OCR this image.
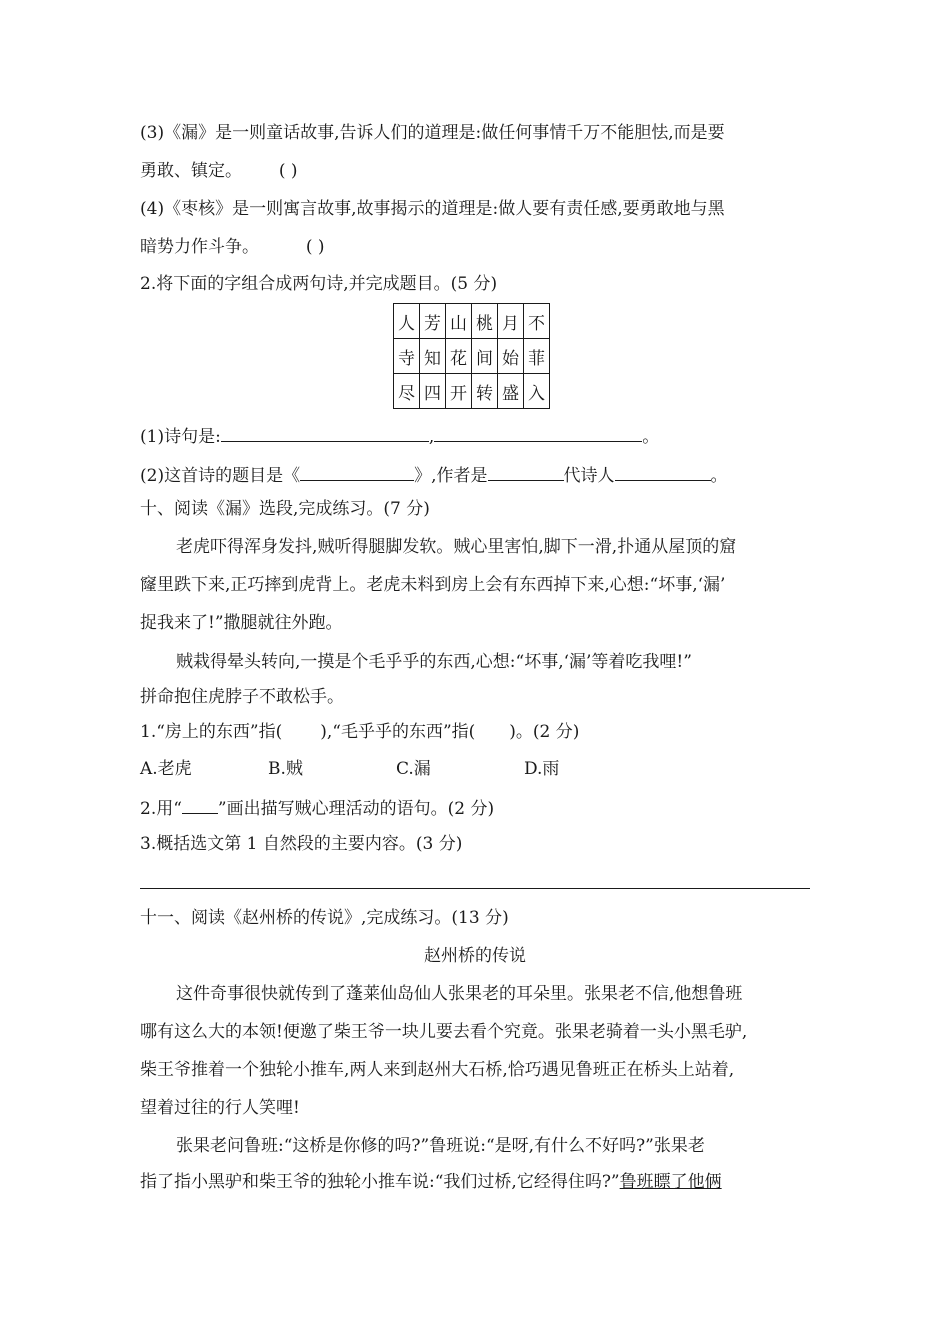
(3)《漏》是一则童话故事,告诉人们的道理是:做任何事情千万不能胆怯,而是要
勇敢、镇定。 ( )
(4)《枣核》是一则寓言故事,故事揭示的道理是:做人要有责任感,要勇敢地与黑
暗势力作斗争。	( )
2.将下面的字组合成两句诗,并完成题目。(5 分)
人	芳	山	桃	月	不
寺	知	花	间	始	菲
尽	四	开	转	盛	入
(1)诗句是:	,	。
(2)这首诗的题目是《	》,作者是	代诗人	。
十、阅读《漏》选段,完成练习。(7 分)
老虎吓得浑身发抖,贼听得腿脚发软。贼心里害怕,脚下一滑,扑通从屋顶的窟
窿里跌下来,正巧摔到虎背上。老虎未料到房上会有东西掉下来,心想:“坏事,‘漏’
捉我来了!”撒腿就往外跑。
贼栽得晕头转向,一摸是个毛乎乎的东西,心想:“坏事,‘漏’等着吃我哩!”
拼命抱住虎脖子不敢松手。
1.“房上的东西”指( ),“毛乎乎的东西”指( )。(2 分)
A.老虎	B.贼	C.漏	D.雨
2.用“ ”画出描写贼心理活动的语句。(2 分)
3.概括选文第 1 自然段的主要内容。(3 分)
十一、阅读《赵州桥的传说》,完成练习。(13 分)
赵州桥的传说
这件奇事很快就传到了蓬莱仙岛仙人张果老的耳朵里。张果老不信,他想鲁班
哪有这么大的本领!便邀了柴王爷一块儿要去看个究竟。张果老骑着一头小黑毛驴,
柴王爷推着一个独轮小推车,两人来到赵州大石桥,恰巧遇见鲁班正在桥头上站着,
望着过往的行人笑哩!
张果老问鲁班:“这桥是你修的吗?”鲁班说:“是呀,有什么不好吗?”张果老
指了指小黑驴和柴王爷的独轮小推车说:“我们过桥,它经得住吗?”鲁班瞟了他俩
